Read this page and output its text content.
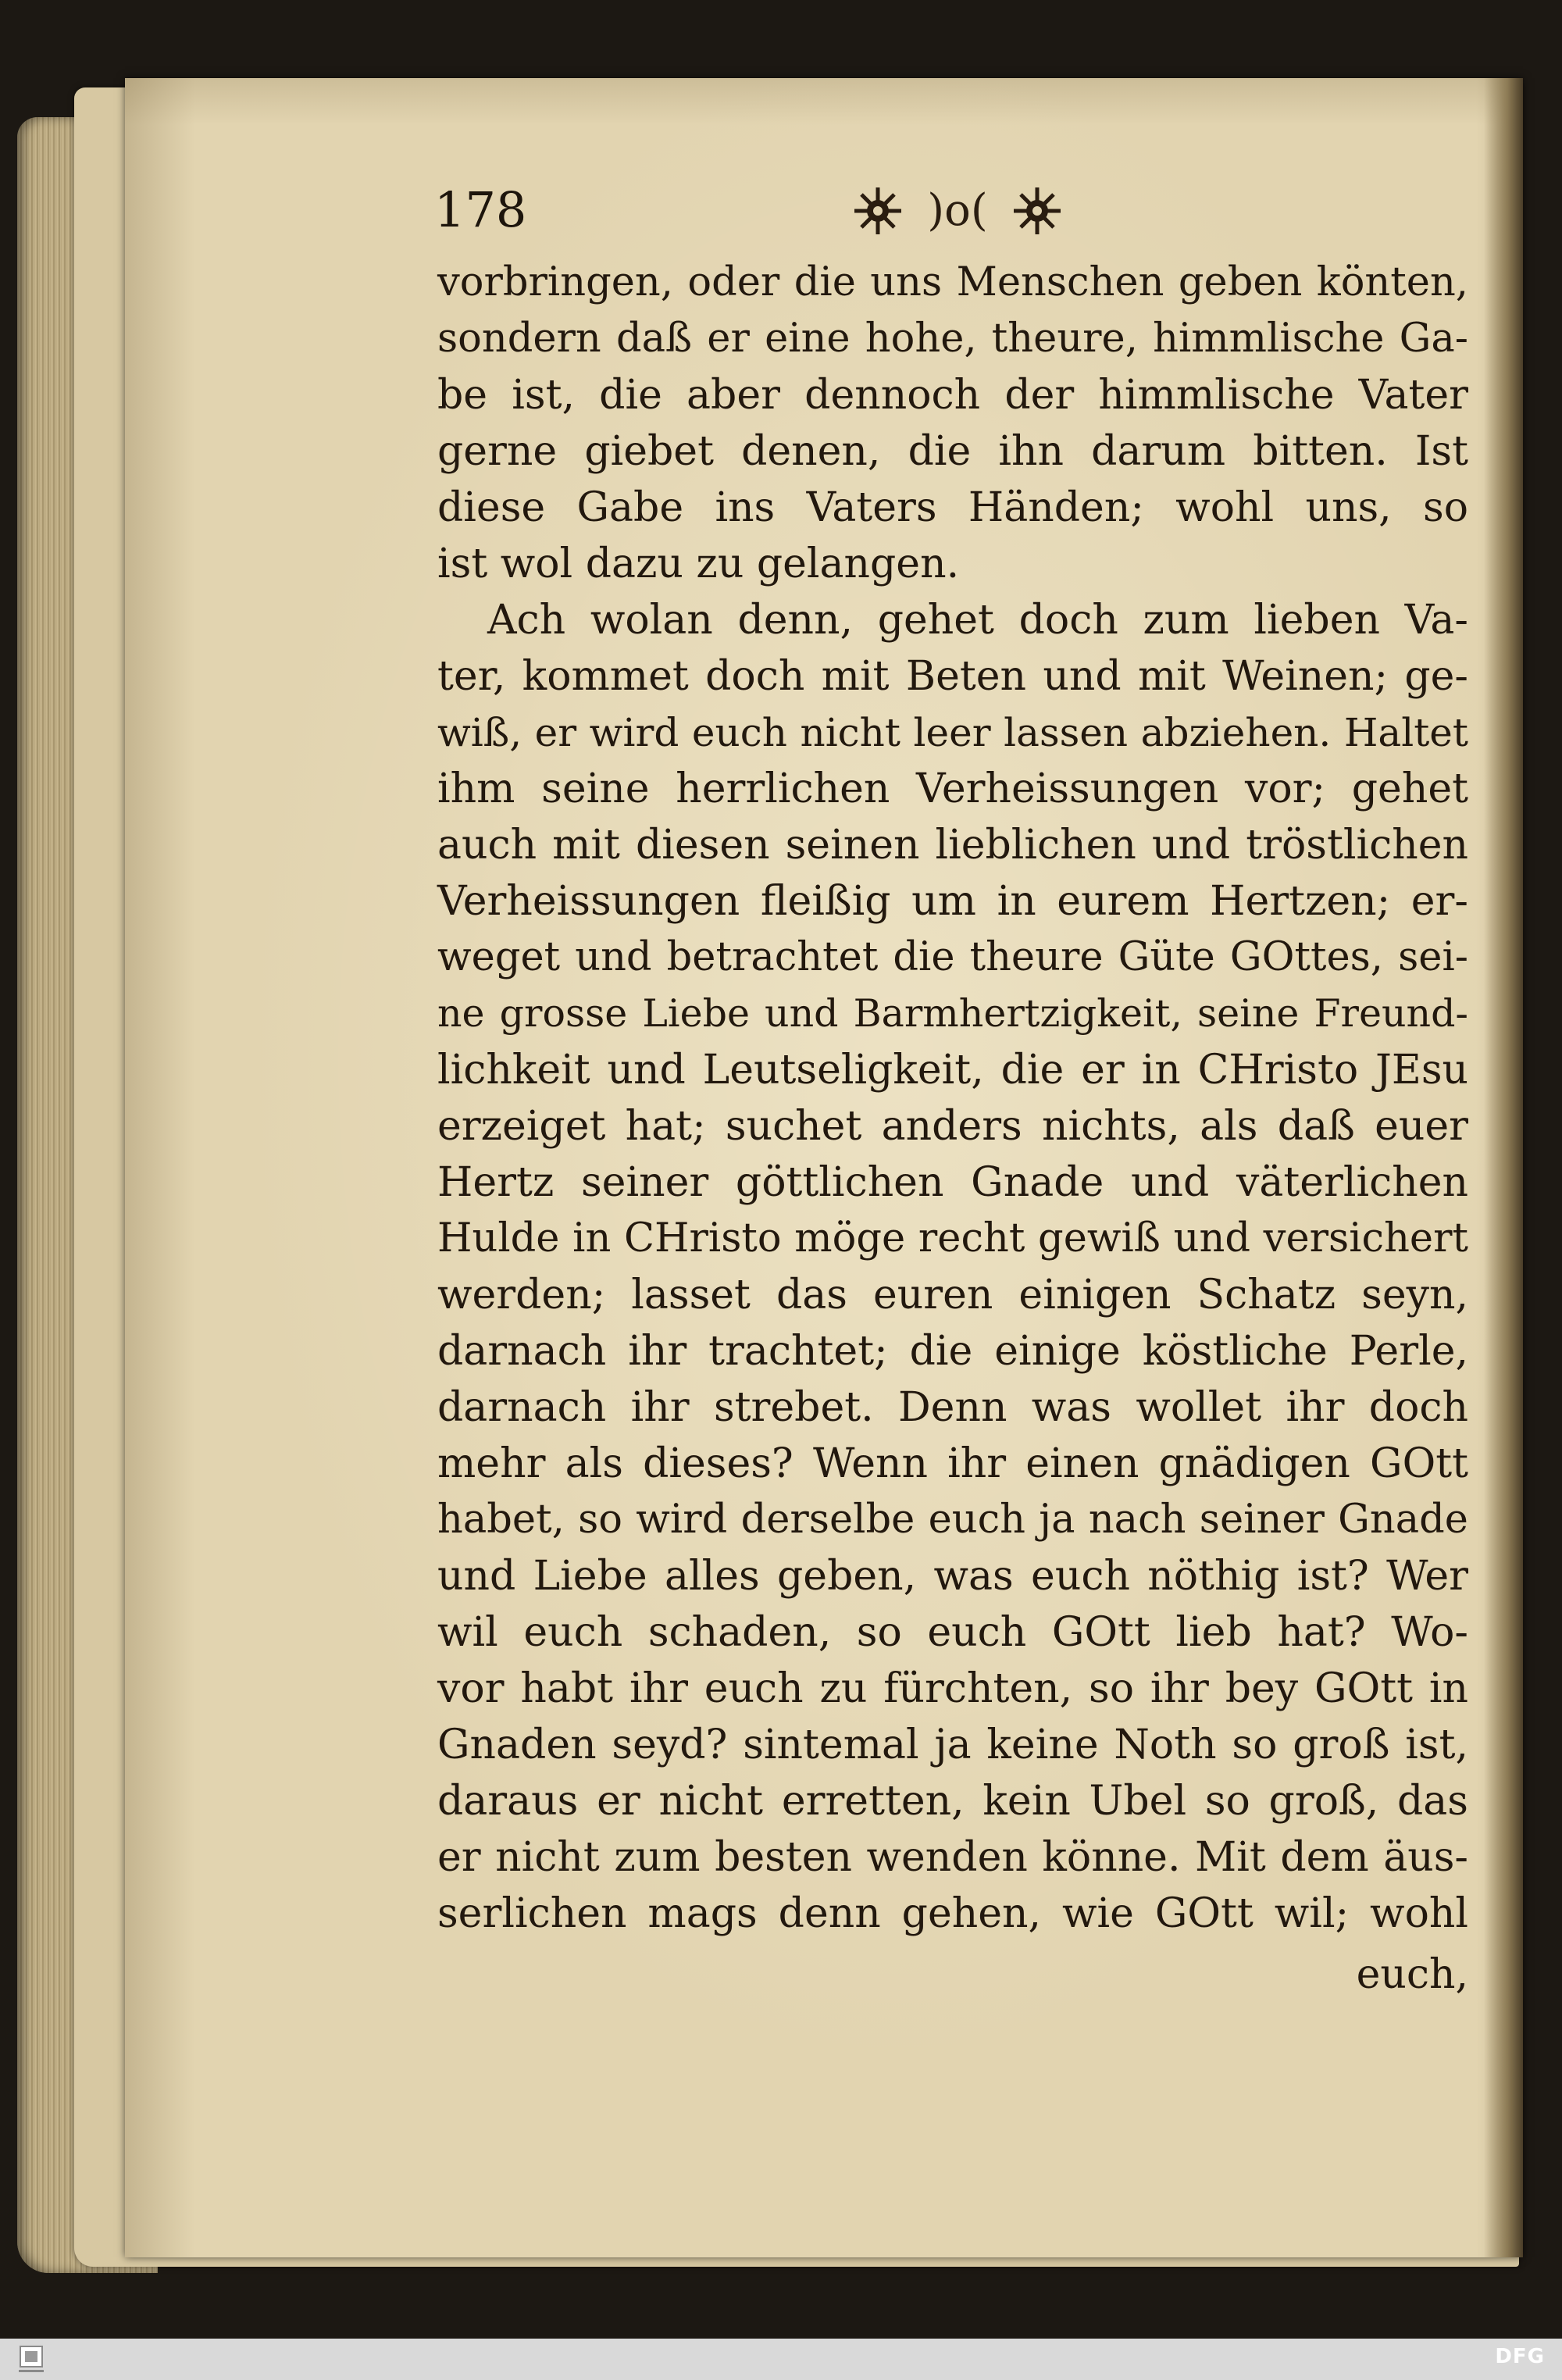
178	)o(
vorbringen, oder die uns Menschen geben könten,
sondern daß er eine hohe, theure, himmlische Ga-
be ist, die aber dennoch der himmlische Vater
gerne giebet denen, die ihn darum bitten. Ist
diese Gabe ins Vaters Händen; wohl uns, so
ist wol dazu zu gelangen.
Ach wolan denn, gehet doch zum lieben Va-
ter, kommet doch mit Beten und mit Weinen; ge-
wiß, er wird euch nicht leer lassen abziehen. Haltet
ihm seine herrlichen Verheissungen vor; gehet
auch mit diesen seinen lieblichen und tröstlichen
Verheissungen fleißig um in eurem Hertzen; er-
weget und betrachtet die theure Güte GOttes, sei-
ne grosse Liebe und Barmhertzigkeit, seine Freund-
lichkeit und Leutseligkeit, die er in CHristo JEsu
erzeiget hat; suchet anders nichts, als daß euer
Hertz seiner göttlichen Gnade und väterlichen
Hulde in CHristo möge recht gewiß und versichert
werden; lasset das euren einigen Schatz seyn,
darnach ihr trachtet; die einige köstliche Perle,
darnach ihr strebet. Denn was wollet ihr doch
mehr als dieses? Wenn ihr einen gnädigen GOtt
habet, so wird derselbe euch ja nach seiner Gnade
und Liebe alles geben, was euch nöthig ist? Wer
wil euch schaden, so euch GOtt lieb hat? Wo-
vor habt ihr euch zu fürchten, so ihr bey GOtt in
Gnaden seyd? sintemal ja keine Noth so groß ist,
daraus er nicht erretten, kein Ubel so groß, das
er nicht zum besten wenden könne. Mit dem äus-
serlichen mags denn gehen, wie GOtt wil; wohl
euch,
DFG
